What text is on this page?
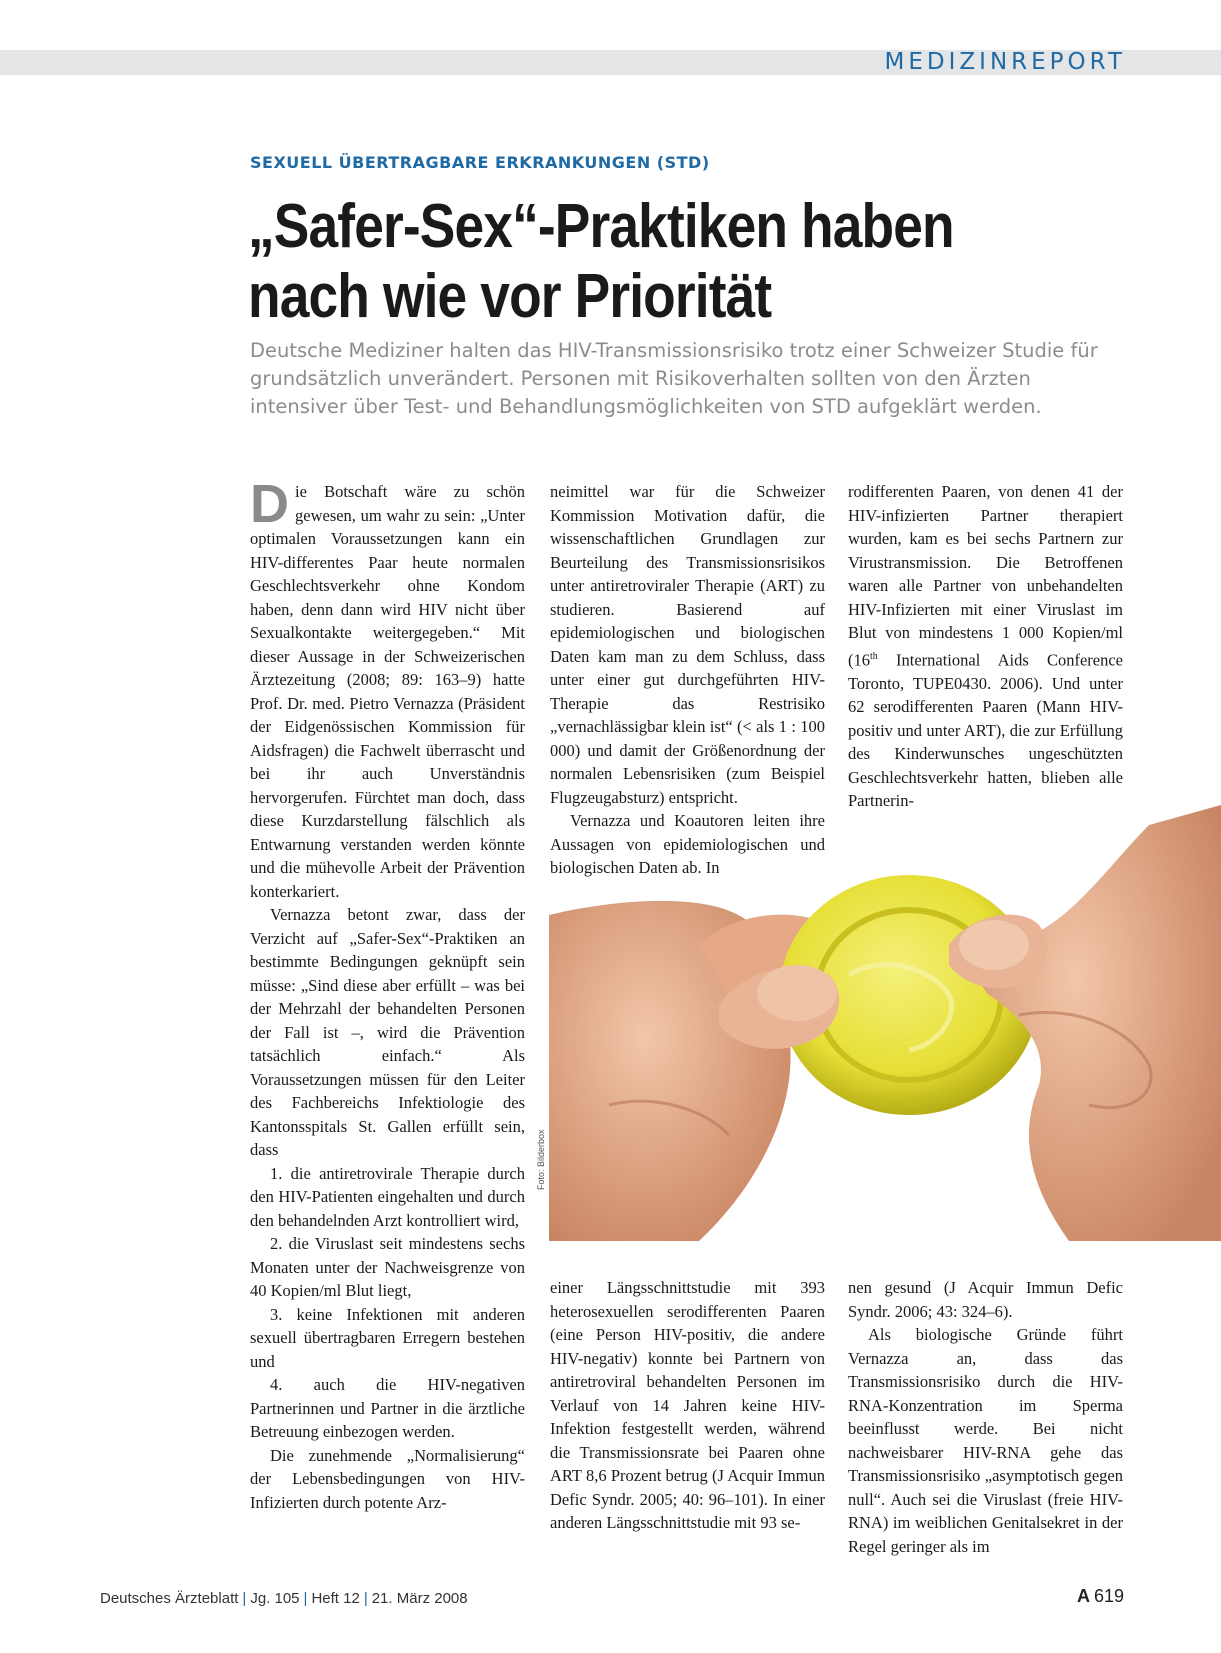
MEDIZINREPORT
SEXUELL ÜBERTRAGBARE ERKRANKUNGEN (STD)
„Safer-Sex“-Praktiken haben nach wie vor Priorität

Deutsche Mediziner halten das HIV-Transmissionsrisiko trotz einer Schweizer Studie für grundsätzlich unverändert. Personen mit Risikoverhalten sollten von den Ärzten intensiver über Test- und Behandlungsmöglichkeiten von STD aufgeklärt werden.

Die Botschaft wäre zu schön gewesen, um wahr zu sein: „Unter optimalen Voraussetzungen kann ein HIV-differentes Paar heute normalen Geschlechtsverkehr ohne Kondom haben, denn dann wird HIV nicht über Sexualkontakte weitergegeben.“ Mit dieser Aussage in der Schweizerischen Ärztezeitung (2008; 89: 163–9) hatte Prof. Dr. med. Pietro Vernazza (Präsident der Eidgenössischen Kommission für Aidsfragen) die Fachwelt überrascht und bei ihr auch Unverständnis hervorgerufen. Fürchtet man doch, dass diese Kurzdarstellung fälschlich als Entwarnung verstanden werden könnte und die mühevolle Arbeit der Prävention konterkariert.

Vernazza betont zwar, dass der Verzicht auf „Safer-Sex“-Praktiken an bestimmte Bedingungen geknüpft sein müsse: „Sind diese aber erfüllt – was bei der Mehrzahl der behandelten Personen der Fall ist –, wird die Prävention tatsächlich einfach.“ Als Voraussetzungen müssen für den Leiter des Fachbereichs Infektiologie des Kantonsspitals St. Gallen erfüllt sein, dass

1. die antiretrovirale Therapie durch den HIV-Patienten eingehalten und durch den behandelnden Arzt kontrolliert wird,

2. die Viruslast seit mindestens sechs Monaten unter der Nachweisgrenze von 40 Kopien/ml Blut liegt,

3. keine Infektionen mit anderen sexuell übertragbaren Erregern bestehen und

4. auch die HIV-negativen Partnerinnen und Partner in die ärztliche Betreuung einbezogen werden.

Die zunehmende „Normalisierung“ der Lebensbedingungen von HIV-Infizierten durch potente Arz-

neimittel war für die Schweizer Kommission Motivation dafür, die wissenschaftlichen Grundlagen zur Beurteilung des Transmissionsrisikos unter antiretroviraler Therapie (ART) zu studieren. Basierend auf epidemiologischen und biologischen Daten kam man zu dem Schluss, dass unter einer gut durchgeführten HIV-Therapie das Restrisiko „vernachlässigbar klein ist“ (< als 1 : 100 000) und damit der Größenordnung der normalen Lebensrisiken (zum Beispiel Flugzeugabsturz) entspricht.

Vernazza und Koautoren leiten ihre Aussagen von epidemiologischen und biologischen Daten ab. In

rodifferenten Paaren, von denen 41 der HIV-infizierten Partner therapiert wurden, kam es bei sechs Partnern zur Virustransmission. Die Betroffenen waren alle Partner von unbehandelten HIV-Infizierten mit einer Viruslast im Blut von mindestens 1 000 Kopien/ml (16th International Aids Conference Toronto, TUPE0430. 2006). Und unter 62 serodifferenten Paaren (Mann HIV-positiv und unter ART), die zur Erfüllung des Kinderwunsches ungeschützten Geschlechtsverkehr hatten, blieben alle Partnerin-

Foto: Bilderbox

einer Längsschnittstudie mit 393 heterosexuellen serodifferenten Paaren (eine Person HIV-positiv, die andere HIV-negativ) konnte bei Partnern von antiretroviral behandelten Personen im Verlauf von 14 Jahren keine HIV-Infektion festgestellt werden, während die Transmissionsrate bei Paaren ohne ART 8,6 Prozent betrug (J Acquir Immun Defic Syndr. 2005; 40: 96–101). In einer anderen Längsschnittstudie mit 93 se-

nen gesund (J Acquir Immun Defic Syndr. 2006; 43: 324–6).

Als biologische Gründe führt Vernazza an, dass das Transmissionsrisiko durch die HIV-RNA-Konzentration im Sperma beeinflusst werde. Bei nicht nachweisbarer HIV-RNA gehe das Transmissionsrisiko „asymptotisch gegen null“. Auch sei die Viruslast (freie HIV-RNA) im weiblichen Genitalsekret in der Regel geringer als im

Deutsches Ärzteblatt | Jg. 105 | Heft 12 | 21. März 2008	A 619
